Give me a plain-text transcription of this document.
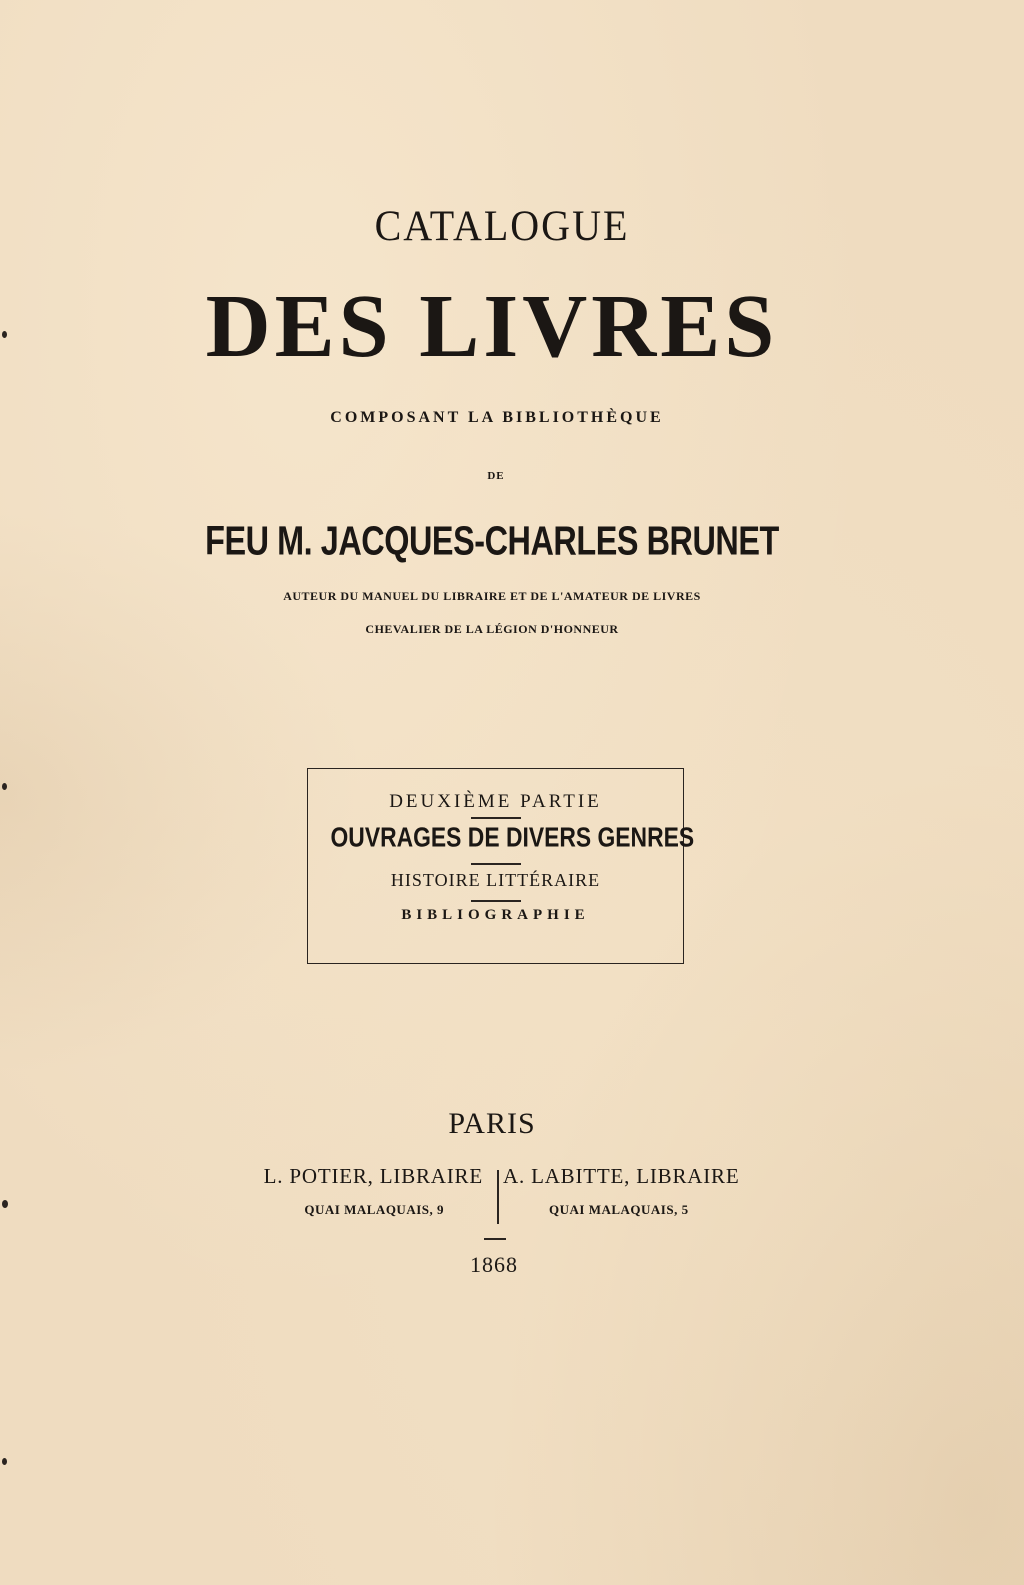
CATALOGUE
DES LIVRES
COMPOSANT LA BIBLIOTHÈQUE
DE
FEU M. JACQUES-CHARLES BRUNET
AUTEUR DU MANUEL DU LIBRAIRE ET DE L'AMATEUR DE LIVRES
CHEVALIER DE LA LÉGION D'HONNEUR
DEUXIÈME PARTIE
OUVRAGES DE DIVERS GENRES
HISTOIRE LITTÉRAIRE
BIBLIOGRAPHIE
PARIS
L. POTIER, LIBRAIRE
QUAI MALAQUAIS, 9
A. LABITTE, LIBRAIRE
QUAI MALAQUAIS, 5
1868
